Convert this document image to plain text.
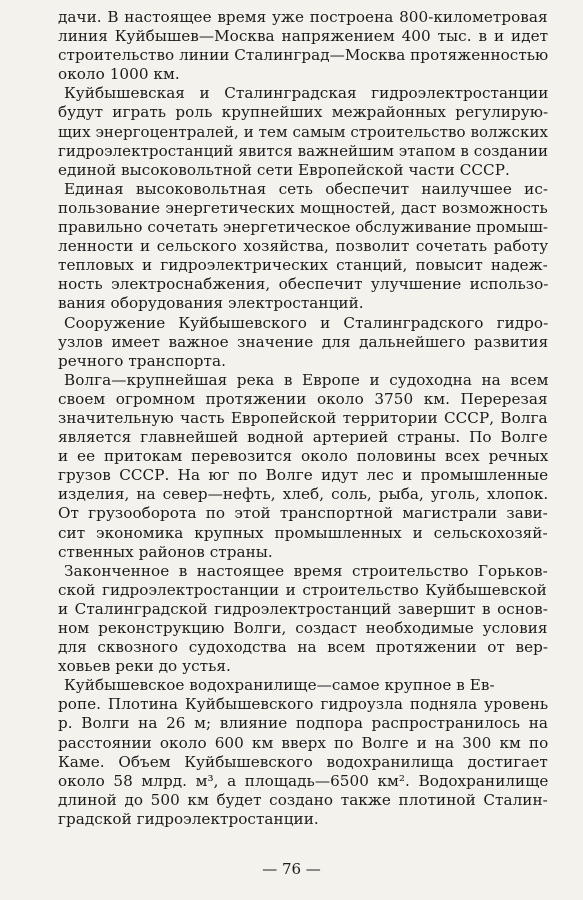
дачи. В настоящее время уже построена 800-километровая
линия Куйбышев—Москва напряжением 400 тыс. в и идет
строительство линии Сталинград—Москва протяженностью
около 1000 км.
Куйбышевская и Сталинградская гидроэлектростанции
будут играть роль крупнейших межрайонных регулирую-
щих энергоцентралей, и тем самым строительство волжских
гидроэлектростанций явится важнейшим этапом в создании
единой высоковольтной сети Европейской части СССР.
Единая высоковольтная сеть обеспечит наилучшее ис-
пользование энергетических мощностей, даст возможность
правильно сочетать энергетическое обслуживание промыш-
ленности и сельского хозяйства, позволит сочетать работу
тепловых и гидроэлектрических станций, повысит надеж-
ность электроснабжения, обеспечит улучшение использо-
вания оборудования электростанций.
Сооружение Куйбышевского и Сталинградского гидро-
узлов имеет важное значение для дальнейшего развития
речного транспорта.
Волга—крупнейшая река в Европе и судоходна на всем
своем огромном протяжении около 3750 км. Перерезая
значительную часть Европейской территории СССР, Волга
является главнейшей водной артерией страны. По Волге
и ее притокам перевозится около половины всех речных
грузов СССР. На юг по Волге идут лес и промышленные
изделия, на север—нефть, хлеб, соль, рыба, уголь, хлопок.
От грузооборота по этой транспортной магистрали зави-
сит экономика крупных промышленных и сельскохозяй-
ственных районов страны.
Законченное в настоящее время строительство Горьков-
ской гидроэлектростанции и строительство Куйбышевской
и Сталинградской гидроэлектростанций завершит в основ-
ном реконструкцию Волги, создаст необходимые условия
для сквозного судоходства на всем протяжении от вер-
ховьев реки до устья.
Куйбышевское водохранилище—самое крупное в Ев-
ропе. Плотина Куйбышевского гидроузла подняла уровень
р. Волги на 26 м; влияние подпора распространилось на
расстоянии около 600 км вверх по Волге и на 300 км по
Каме. Объем Куйбышевского водохранилища достигает
около 58 млрд. м³, а площадь—6500 км². Водохранилище
длиной до 500 км будет создано также плотиной Сталин-
градской гидроэлектростанции.
— 76 —
